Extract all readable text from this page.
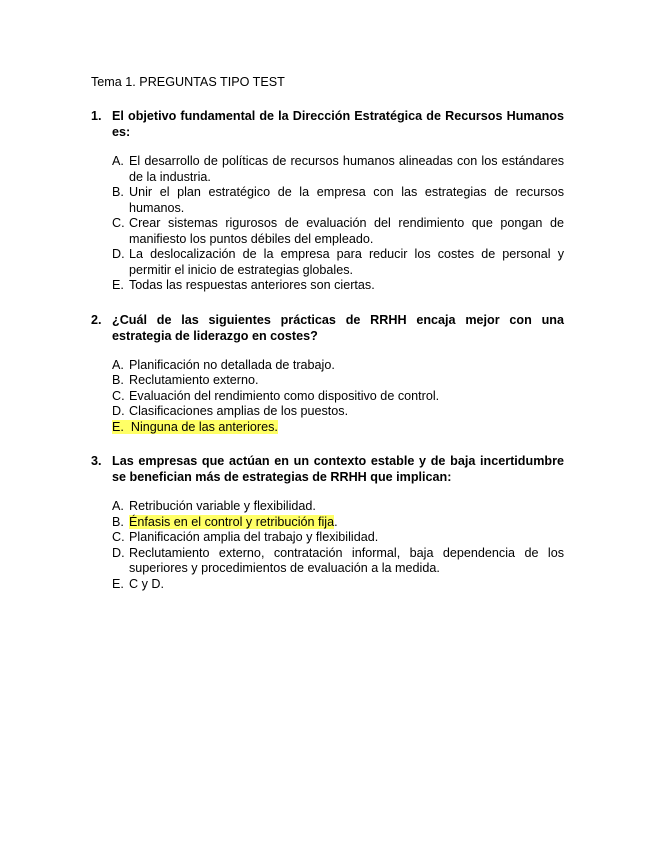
Tema 1. PREGUNTAS TIPO TEST
1. El objetivo fundamental de la Dirección Estratégica de Recursos Humanos es:
A. El desarrollo de políticas de recursos humanos alineadas con los estándares de la industria.
B. Unir el plan estratégico de la empresa con las estrategias de recursos humanos.
C. Crear sistemas rigurosos de evaluación del rendimiento que pongan de manifiesto los puntos débiles del empleado.
D. La deslocalización de la empresa para reducir los costes de personal y permitir el inicio de estrategias globales.
E. Todas las respuestas anteriores son ciertas.
2. ¿Cuál de las siguientes prácticas de RRHH encaja mejor con una estrategia de liderazgo en costes?
A. Planificación no detallada de trabajo.
B. Reclutamiento externo.
C. Evaluación del rendimiento como dispositivo de control.
D. Clasificaciones amplias de los puestos.
E. Ninguna de las anteriores.
3. Las empresas que actúan en un contexto estable y de baja incertidumbre se benefician más de estrategias de RRHH que implican:
A. Retribución variable y flexibilidad.
B. Énfasis en el control y retribución fija.
C. Planificación amplia del trabajo y flexibilidad.
D. Reclutamiento externo, contratación informal, baja dependencia de los superiores y procedimientos de evaluación a la medida.
E. C y D.
